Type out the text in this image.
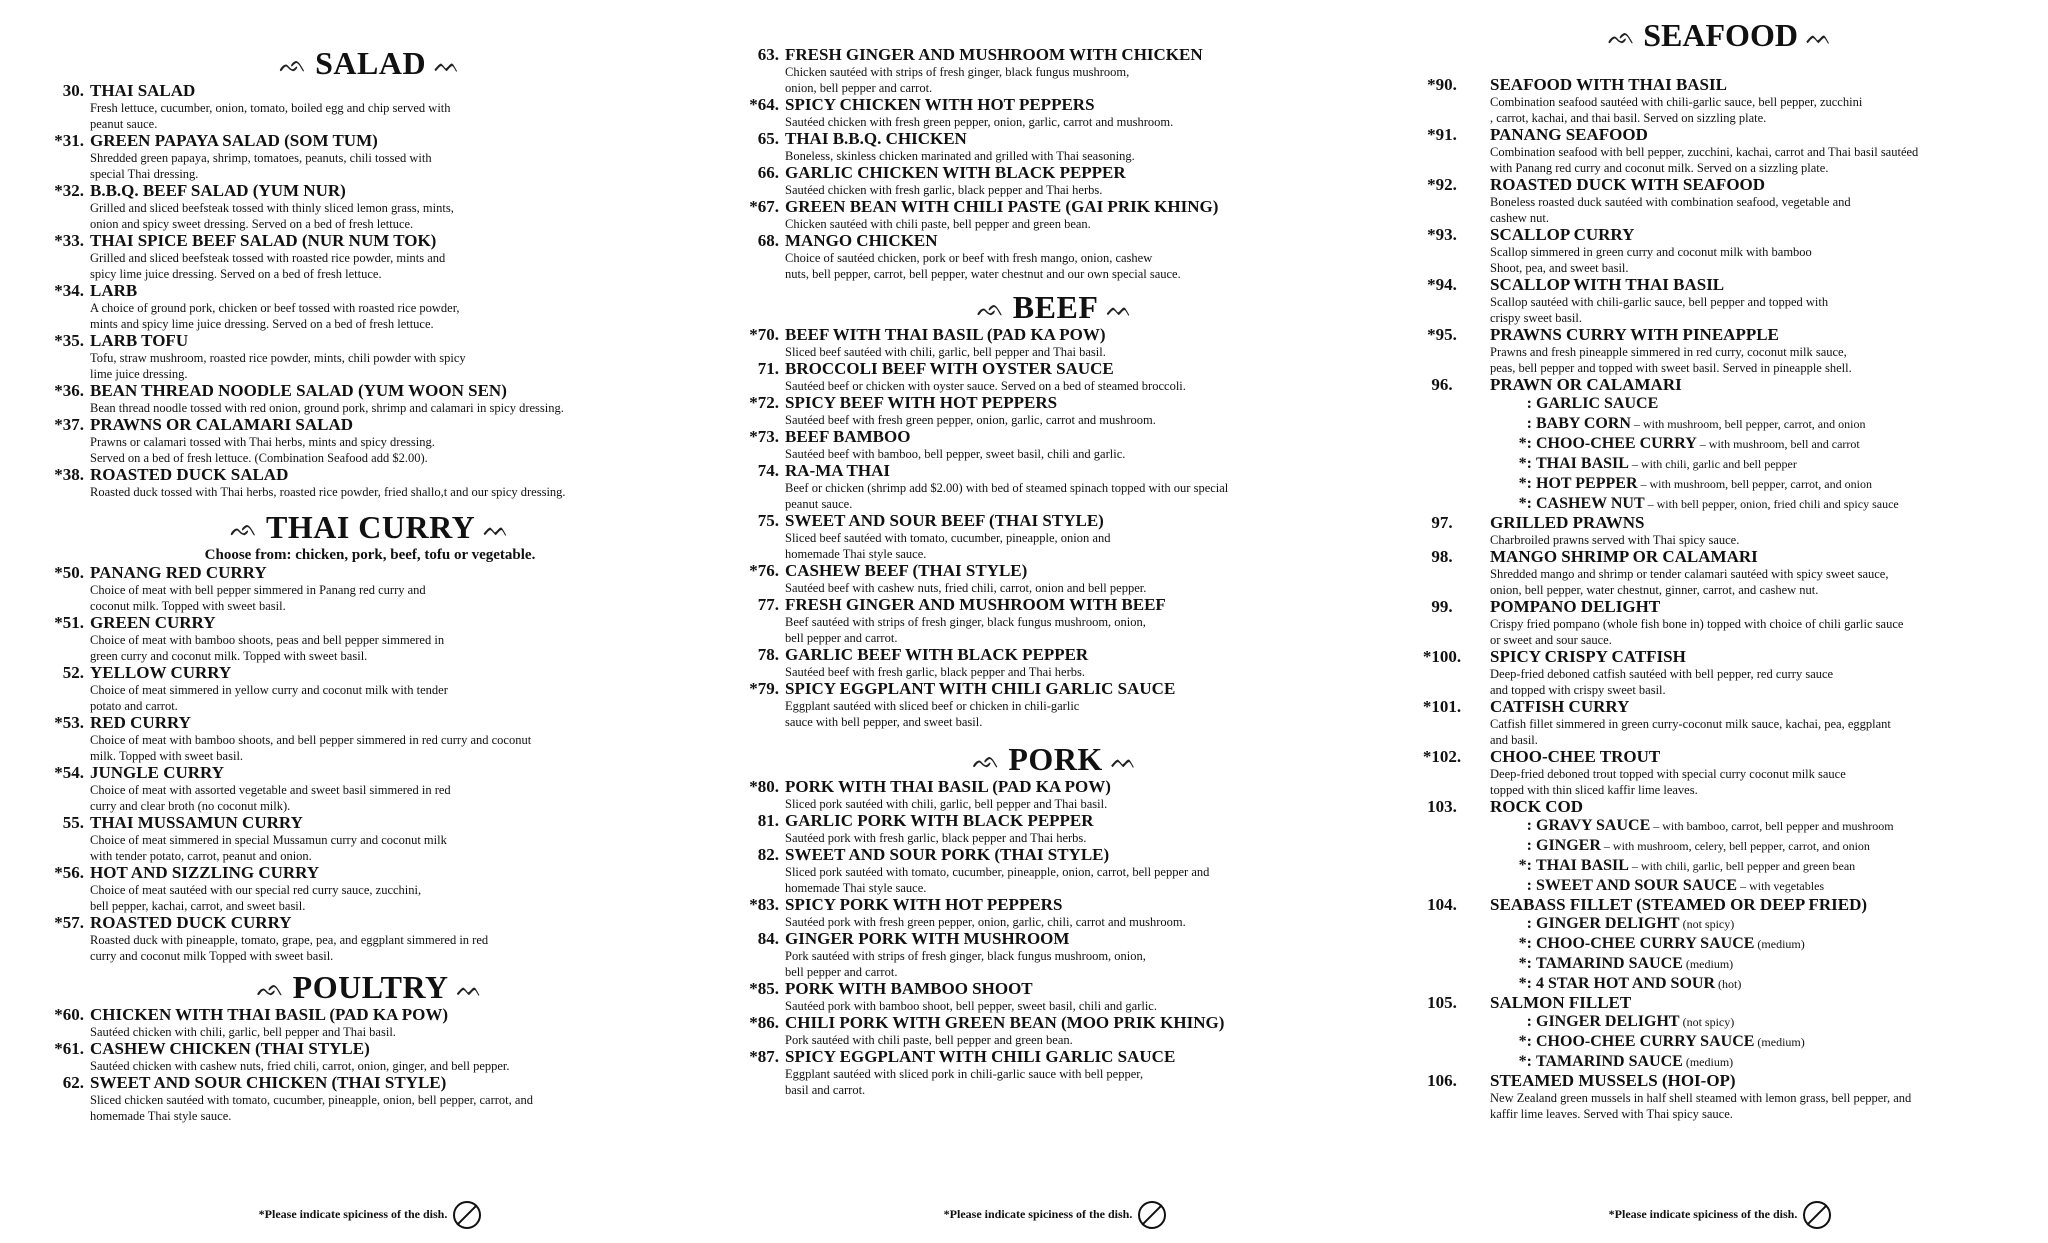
ᨒ SALAD ᨓ
30. THAI SALAD
Fresh lettuce, cucumber, onion, tomato, boiled egg and chip served with
peanut sauce.
*31. GREEN PAPAYA SALAD (SOM TUM)
Shredded green papaya, shrimp, tomatoes, peanuts, chili tossed with
special Thai dressing.
*32. B.B.Q. BEEF SALAD (YUM NUR)
Grilled and sliced beefsteak tossed with thinly sliced lemon grass, mints,
onion and spicy sweet dressing. Served on a bed of fresh lettuce.
*33. THAI SPICE BEEF SALAD (NUR NUM TOK)
Grilled and sliced beefsteak tossed with roasted rice powder, mints and
spicy lime juice dressing. Served on a bed of fresh lettuce.
*34. LARB
A choice of ground pork, chicken or beef tossed with roasted rice powder,
mints and spicy lime juice dressing. Served on a bed of fresh lettuce.
*35. LARB TOFU
Tofu, straw mushroom, roasted rice powder, mints, chili powder with spicy
lime juice dressing.
*36. BEAN THREAD NOODLE SALAD (YUM WOON SEN)
Bean thread noodle tossed with red onion, ground pork, shrimp and calamari in spicy dressing.
*37. PRAWNS OR CALAMARI SALAD
Prawns or calamari tossed with Thai herbs, mints and spicy dressing.
Served on a bed of fresh lettuce. (Combination Seafood add $2.00).
*38. ROASTED DUCK SALAD
Roasted duck tossed with Thai herbs, roasted rice powder, fried shallo,t and our spicy dressing.
ᨒ THAI CURRY ᨓ
Choose from: chicken, pork, beef, tofu or vegetable.
*50. PANANG RED CURRY
Choice of meat with bell pepper simmered in Panang red curry and
coconut milk. Topped with sweet basil.
*51. GREEN CURRY
Choice of meat with bamboo shoots, peas and bell pepper simmered in
green curry and coconut milk. Topped with sweet basil.
52. YELLOW CURRY
Choice of meat simmered in yellow curry and coconut milk with tender
potato and carrot.
*53. RED CURRY
Choice of meat with bamboo shoots, and bell pepper simmered in red curry and coconut
milk. Topped with sweet basil.
*54. JUNGLE CURRY
Choice of meat with assorted vegetable and sweet basil simmered in red
curry and clear broth (no coconut milk).
55. THAI MUSSAMUN CURRY
Choice of meat simmered in special Mussamun curry and coconut milk
with tender potato, carrot, peanut and onion.
*56. HOT AND SIZZLING CURRY
Choice of meat sautéed with our special red curry sauce, zucchini,
bell pepper, kachai, carrot, and sweet basil.
*57. ROASTED DUCK CURRY
Roasted duck with pineapple, tomato, grape, pea, and eggplant simmered in red
curry and coconut milk Topped with sweet basil.
ᨒ POULTRY ᨓ
*60. CHICKEN WITH THAI BASIL (PAD KA POW)
Sautéed chicken with chili, garlic, bell pepper and Thai basil.
*61. CASHEW CHICKEN (THAI STYLE)
Sautéed chicken with cashew nuts, fried chili, carrot, onion, ginger, and bell pepper.
62. SWEET AND SOUR CHICKEN (THAI STYLE)
Sliced chicken sautéed with tomato, cucumber, pineapple, onion, bell pepper, carrot, and
homemade Thai style sauce.
*Please indicate spiciness of the dish.
63. FRESH GINGER AND MUSHROOM WITH CHICKEN
Chicken sautéed with strips of fresh ginger, black fungus mushroom,
onion, bell pepper and carrot.
*64. SPICY CHICKEN WITH HOT PEPPERS
Sautéed chicken with fresh green pepper, onion, garlic, carrot and mushroom.
65. THAI B.B.Q. CHICKEN
Boneless, skinless chicken marinated and grilled with Thai seasoning.
66. GARLIC CHICKEN WITH BLACK PEPPER
Sautéed chicken with fresh garlic, black pepper and Thai herbs.
*67. GREEN BEAN WITH CHILI PASTE (GAI PRIK KHING)
Chicken sautéed with chili paste, bell pepper and green bean.
68. MANGO CHICKEN
Choice of sautéed chicken, pork or beef with fresh mango, onion, cashew
nuts, bell pepper, carrot, bell pepper, water chestnut and our own special sauce.
ᨒ BEEF ᨓ
*70. BEEF WITH THAI BASIL (PAD KA POW)
Sliced beef sautéed with chili, garlic, bell pepper and Thai basil.
71. BROCCOLI BEEF WITH OYSTER SAUCE
Sautéed beef or chicken with oyster sauce. Served on a bed of steamed broccoli.
*72. SPICY BEEF WITH HOT PEPPERS
Sautéed beef with fresh green pepper, onion, garlic, carrot and mushroom.
*73. BEEF BAMBOO
Sautéed beef with bamboo, bell pepper, sweet basil, chili and garlic.
74. RA-MA THAI
Beef or chicken (shrimp add $2.00) with bed of steamed spinach topped with our special
peanut sauce.
75. SWEET AND SOUR BEEF (THAI STYLE)
Sliced beef sautéed with tomato, cucumber, pineapple, onion and
homemade Thai style sauce.
*76. CASHEW BEEF (THAI STYLE)
Sautéed beef with cashew nuts, fried chili, carrot, onion and bell pepper.
77. FRESH GINGER AND MUSHROOM WITH BEEF
Beef sautéed with strips of fresh ginger, black fungus mushroom, onion,
bell pepper and carrot.
78. GARLIC BEEF WITH BLACK PEPPER
Sautéed beef with fresh garlic, black pepper and Thai herbs.
*79. SPICY EGGPLANT WITH CHILI GARLIC SAUCE
Eggplant sautéed with sliced beef or chicken in chili-garlic
sauce with bell pepper, and sweet basil.
ᨒ PORK ᨓ
*80. PORK WITH THAI BASIL (PAD KA POW)
Sliced pork sautéed with chili, garlic, bell pepper and Thai basil.
81. GARLIC PORK WITH BLACK PEPPER
Sautéed pork with fresh garlic, black pepper and Thai herbs.
82. SWEET AND SOUR PORK (THAI STYLE)
Sliced pork sautéed with tomato, cucumber, pineapple, onion, carrot, bell pepper and
homemade Thai style sauce.
*83. SPICY PORK WITH HOT PEPPERS
Sautéed pork with fresh green pepper, onion, garlic, chili, carrot and mushroom.
84. GINGER PORK WITH MUSHROOM
Pork sautéed with strips of fresh ginger, black fungus mushroom, onion,
bell pepper and carrot.
*85. PORK WITH BAMBOO SHOOT
Sautéed pork with bamboo shoot, bell pepper, sweet basil, chili and garlic.
*86. CHILI PORK WITH GREEN BEAN (MOO PRIK KHING)
Pork sautéed with chili paste, bell pepper and green bean.
*87. SPICY EGGPLANT WITH CHILI GARLIC SAUCE
Eggplant sautéed with sliced pork in chili-garlic sauce with bell pepper,
basil and carrot.
*Please indicate spiciness of the dish.
ᨒ SEAFOOD ᨓ
*90.	SEAFOOD WITH THAI BASIL
Combination seafood sautéed with chili-garlic sauce, bell pepper, zucchini
, carrot, kachai, and thai basil. Served on sizzling plate.
*91.	PANANG SEAFOOD
Combination seafood with bell pepper, zucchini, kachai, carrot and Thai basil sautéed
with Panang red curry and coconut milk. Served on a sizzling plate.
*92.	ROASTED DUCK WITH SEAFOOD
Boneless roasted duck sautéed with combination seafood, vegetable and
cashew nut.
*93.	SCALLOP CURRY
Scallop simmered in green curry and coconut milk with bamboo
Shoot, pea, and sweet basil.
*94.	SCALLOP WITH THAI BASIL
Scallop sautéed with chili-garlic sauce, bell pepper and topped with
crispy sweet basil.
*95.	PRAWNS CURRY WITH PINEAPPLE
Prawns and fresh pineapple simmered in red curry, coconut milk sauce,
peas, bell pepper and topped with sweet basil. Served in pineapple shell.
96.	PRAWN OR CALAMARI
: GARLIC SAUCE
: BABY CORN – with mushroom, bell pepper, carrot, and onion
*: CHOO-CHEE CURRY – with mushroom, bell and carrot
*: THAI BASIL – with chili, garlic and bell pepper
*: HOT PEPPER – with mushroom, bell pepper, carrot, and onion
*: CASHEW NUT – with bell pepper, onion, fried chili and spicy sauce
97.	GRILLED PRAWNS
Charbroiled prawns served with Thai spicy sauce.
98.	MANGO SHRIMP OR CALAMARI
Shredded mango and shrimp or tender calamari sautéed with spicy sweet sauce,
onion, bell pepper, water chestnut, ginner, carrot, and cashew nut.
99.	POMPANO DELIGHT
Crispy fried pompano (whole fish bone in) topped with choice of chili garlic sauce
or sweet and sour sauce.
*100. SPICY CRISPY CATFISH
Deep-fried deboned catfish sautéed with bell pepper, red curry sauce
and topped with crispy sweet basil.
*101. CATFISH CURRY
Catfish fillet simmered in green curry-coconut milk sauce, kachai, pea, eggplant
and basil.
*102. CHOO-CHEE TROUT
Deep-fried deboned trout topped with special curry coconut milk sauce
topped with thin sliced kaffir lime leaves.
103.	ROCK COD
: GRAVY SAUCE – with bamboo, carrot, bell pepper and mushroom
: GINGER – with mushroom, celery, bell pepper, carrot, and onion
*: THAI BASIL – with chili, garlic, bell pepper and green bean
: SWEET AND SOUR SAUCE – with vegetables
104.	SEABASS FILLET (STEAMED OR DEEP FRIED)
: GINGER DELIGHT (not spicy)
*: CHOO-CHEE CURRY SAUCE (medium)
*: TAMARIND SAUCE (medium)
*: 4 STAR HOT AND SOUR (hot)
105.	SALMON FILLET
: GINGER DELIGHT (not spicy)
*: CHOO-CHEE CURRY SAUCE (medium)
*: TAMARIND SAUCE (medium)
106.	STEAMED MUSSELS (HOI-OP)
New Zealand green mussels in half shell steamed with lemon grass, bell pepper, and
kaffir lime leaves. Served with Thai spicy sauce.
*Please indicate spiciness of the dish.
